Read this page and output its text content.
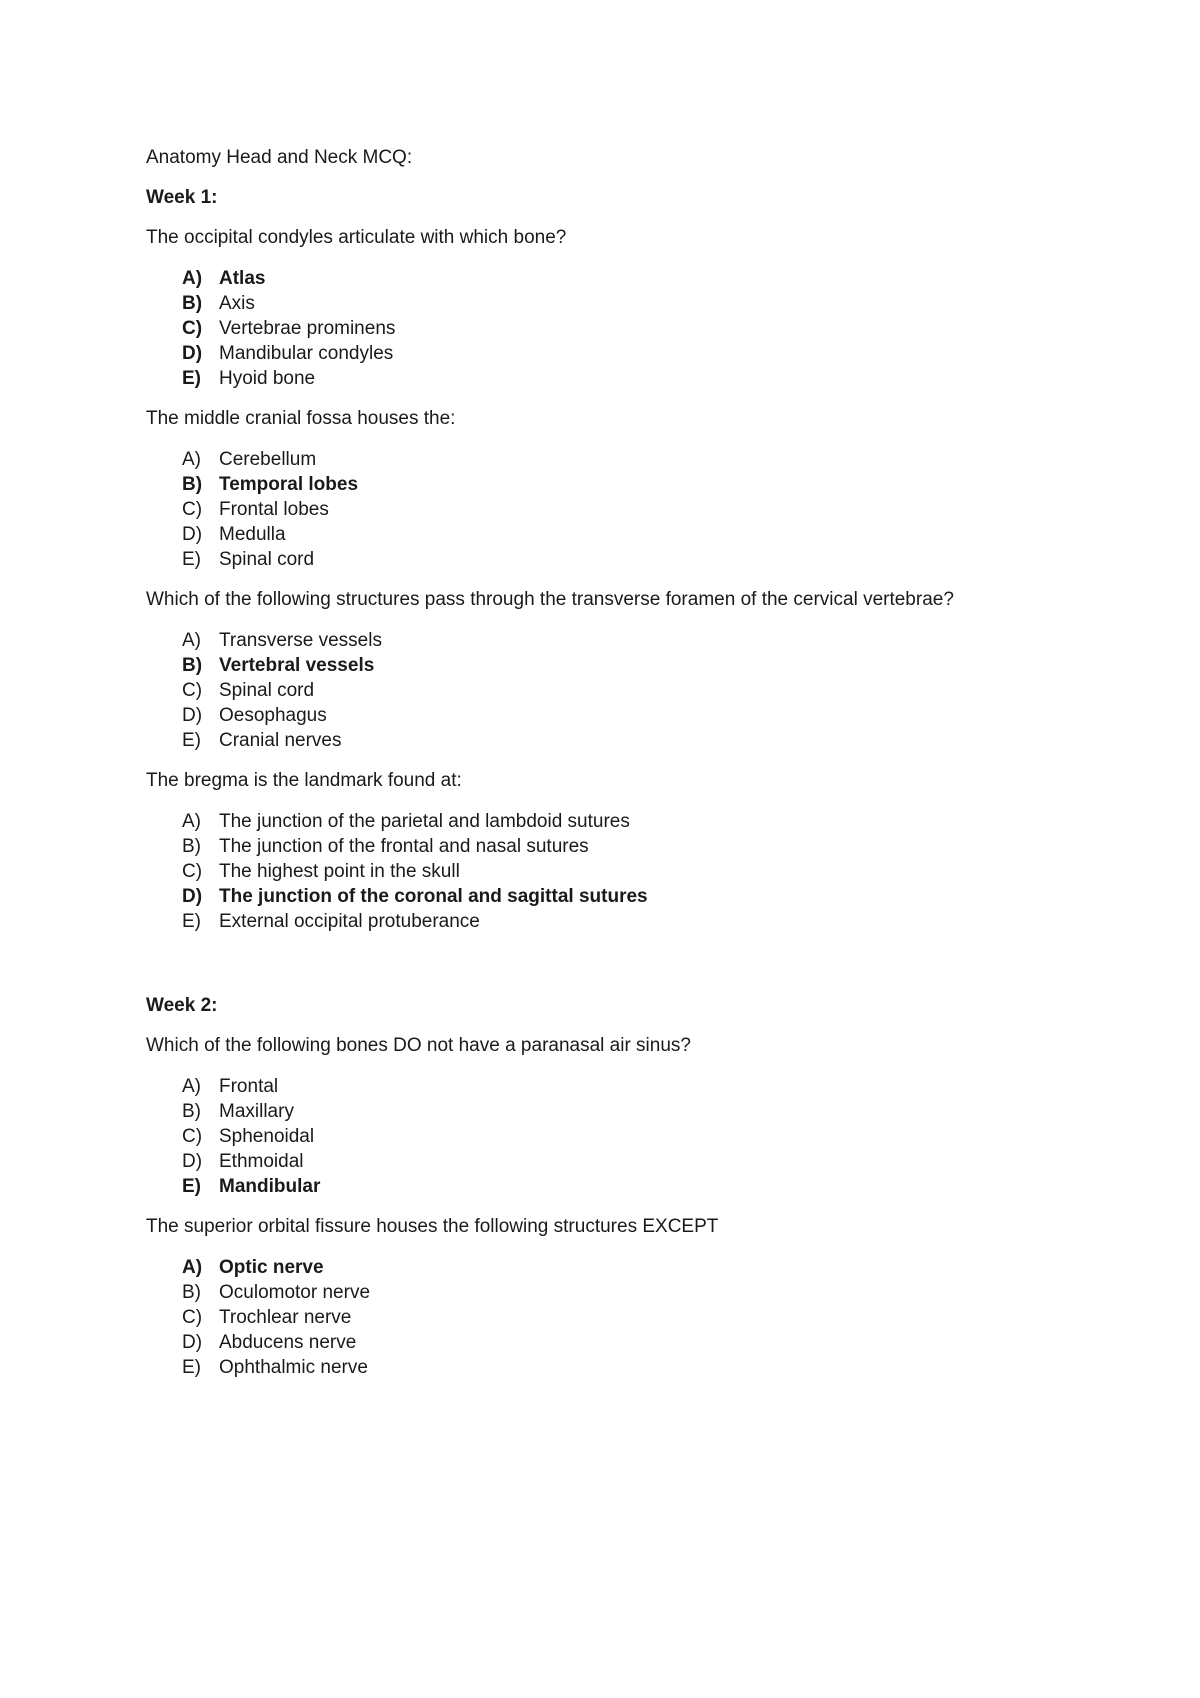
Anatomy Head and Neck MCQ:

Week 1:
The occipital condyles articulate with which bone?
A) Atlas
B) Axis
C) Vertebrae prominens
D) Mandibular condyles
E) Hyoid bone
The middle cranial fossa houses the:
A) Cerebellum
B) Temporal lobes
C) Frontal lobes
D) Medulla
E) Spinal cord
Which of the following structures pass through the transverse foramen of the cervical vertebrae?
A) Transverse vessels
B) Vertebral vessels
C) Spinal cord
D) Oesophagus
E) Cranial nerves
The bregma is the landmark found at:
A) The junction of the parietal and lambdoid sutures
B) The junction of the frontal and nasal sutures
C) The highest point in the skull
D) The junction of the coronal and sagittal sutures
E) External occipital protuberance
Week 2:
Which of the following bones DO not have a paranasal air sinus?
A) Frontal
B) Maxillary
C) Sphenoidal
D) Ethmoidal
E) Mandibular
The superior orbital fissure houses the following structures EXCEPT
A) Optic nerve
B) Oculomotor nerve
C) Trochlear nerve
D) Abducens nerve
E) Ophthalmic nerve
